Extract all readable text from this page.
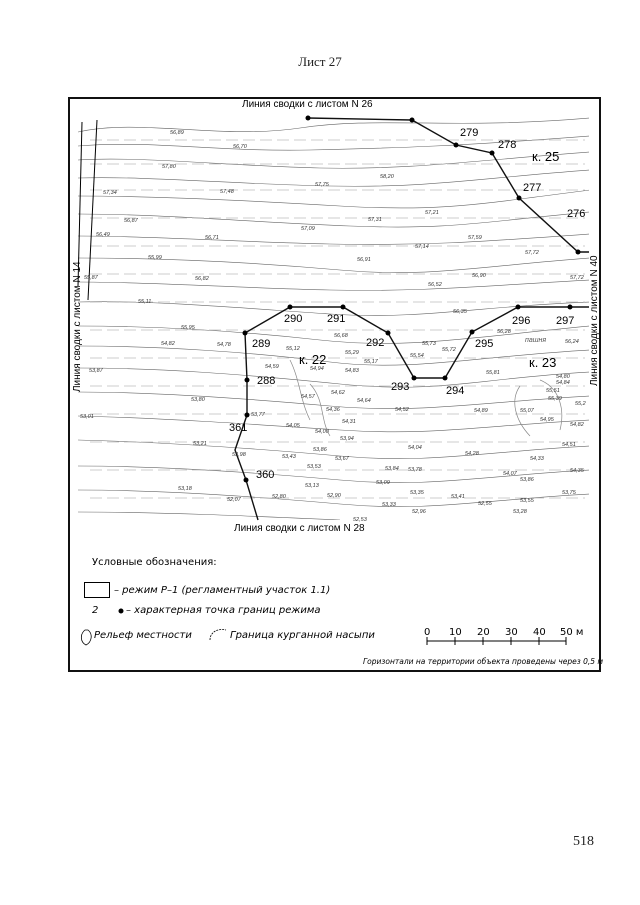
Лист 27
Линия сводки с листом N 26
Линия сводки с листом N 28
Линия сводки с листом N 14	Линия сводки с листом N 40
к. 25
к. 22	к. 23
пашня
279
278
277
276
290 291
292
293	294
295
296 297
289
288
361
360
56,89
56,70
57,80
57,75
58,20
57,34	57,48
56,87
56,71
57,09
57,31
57,21
56,49
55,99
57,14
57,59
57,72
55,87	56,82
56,91
56,52
56,90	57,72
55,11
56,35
56,28
55,95
56,68
56,24
54,82	54,78
55,12
55,29
55,73
55,72
55,54
55,17
53,87
54,59	54,94	54,83	55,81
54,80
53,80	54,57
54,62
54,64
54,52
55,51
54,84
53,77
54,36
54,05
54,31
54,89	55,07
55,39
55,2
53,01
54,00
53,94
54,95
54,82
53,21
53,98
53,86
53,43	53,67
54,04
54,28
54,33
54,51
53,53	53,84 53,78
54,07	54,35
53,18	53,13	53,09	53,86
52,07	52,80	52,90
53,33
53,35
53,41
53,55
53,75
52,55
52,96	53,28
52,53
Условные обозначения:
– режим Р–1 (регламентный участок 1.1)
2	– характерная точка границ режима
Рельеф местности	Граница курганной насыпи	0 10 20 30 40 50 м
Горизонтали на территории объекта проведены через 0,5 м
518
